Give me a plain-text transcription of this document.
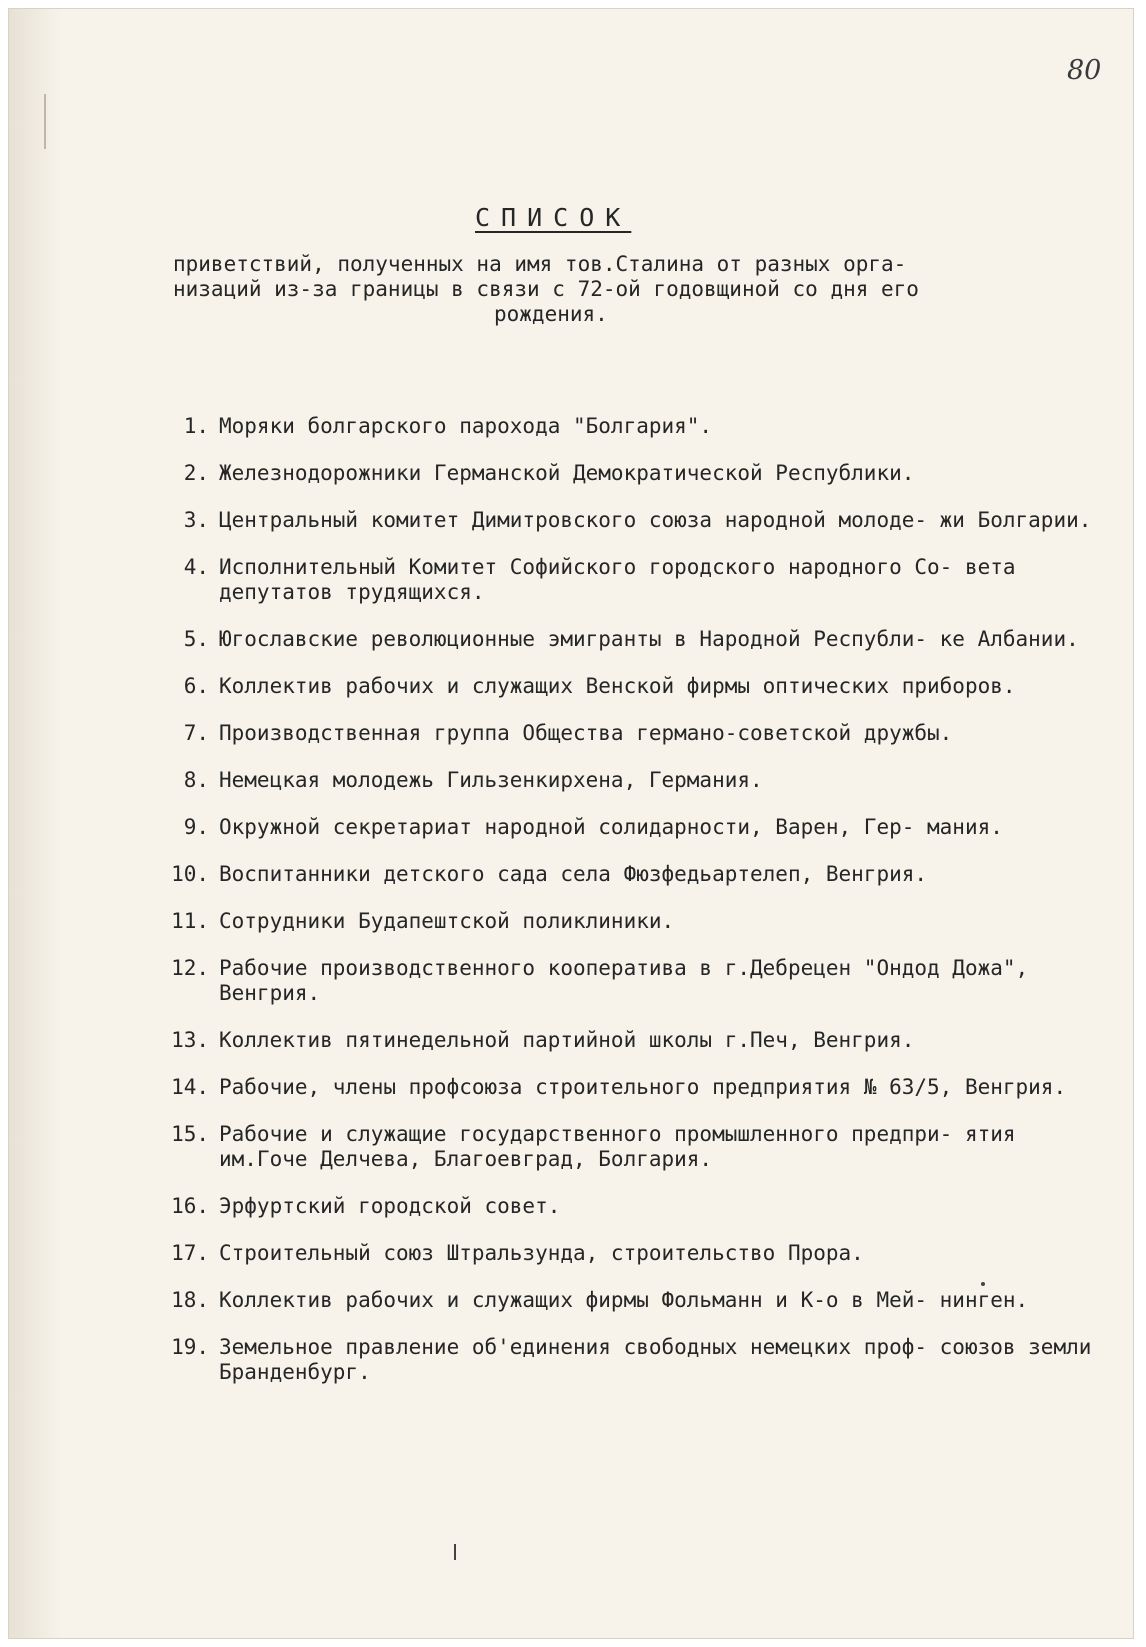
80
СПИСОК
приветствий, полученных на имя тов.Сталина от разных орга-
низаций из-за границы в связи с 72-ой годовщиной со дня его
рождения.
1. Моряки болгарского парохода "Болгария".
2. Железнодорожники Германской Демократической Республики.
3. Центральный комитет Димитровского союза народной молоде- жи Болгарии.
4. Исполнительный Комитет Софийского городского народного Со- вета депутатов трудящихся.
5. Югославские революционные эмигранты в Народной Республи- ке Албании.
6. Коллектив рабочих и служащих Венской фирмы оптических приборов.
7. Производственная группа Общества германо-советской дружбы.
8. Немецкая молодежь Гильзенкирхена, Германия.
9. Окружной секретариат народной солидарности, Варен, Гер- мания.
10. Воспитанники детского сада села Фюзфедьартелеп, Венгрия.
11. Сотрудники Будапештской поликлиники.
12. Рабочие производственного кооператива в г.Дебрецен "Ондод Дожа", Венгрия.
13. Коллектив пятинедельной партийной школы г.Печ, Венгрия.
14. Рабочие, члены профсоюза строительного предприятия № 63/5, Венгрия.
15. Рабочие и служащие государственного промышленного предпри- ятия им.Гоче Делчева, Благоевград, Болгария.
16. Эрфуртский городской совет.
17. Строительный союз Штральзунда, строительство Прора.
18. Коллектив рабочих и служащих фирмы Фольманн и К-о в Мей- нинген.
19. Земельное правление об'единения свободных немецких проф- союзов земли Бранденбург.
